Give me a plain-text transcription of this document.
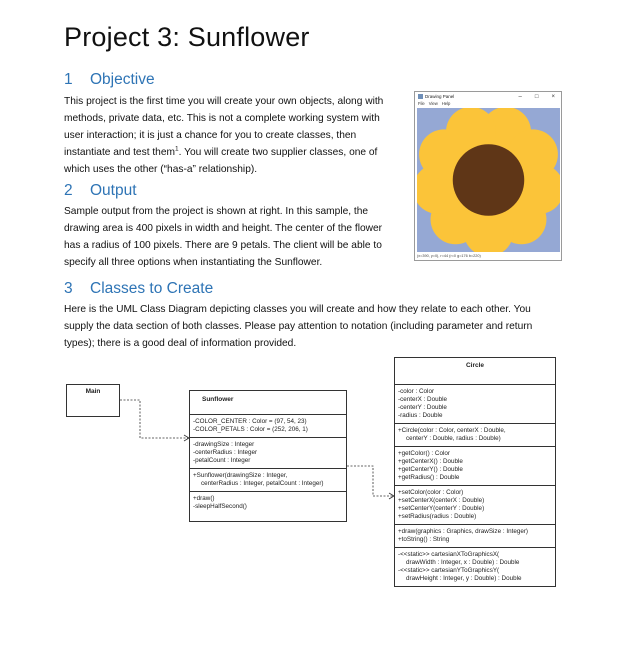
Project 3: Sunflower
1 Objective
This project is the first time you will create your own objects, along with
methods, private data, etc. This is not a complete working system with
user interaction; it is just a chance for you to create classes, then
instantiate and test them$^1$. You will create two supplier classes, one of
which uses the other (“has-a” relationship).
2 Output
Sample output from the project is shown at right. In this sample, the
drawing area is 400 pixels in width and height. The center of the flower
has a radius of 100 pixels. There are 9 petals. The client will be able to
specify all three options when instantiating the Sunflower.
Drawing Panel	– □ ×
File View Help
(x=390, y=0), r=44 (r=0 g=176 b=220)
3 Classes to Create
Here is the UML Class Diagram depicting classes you will create and how they relate to each other. You
supply the data section of both classes. Please pay attention to notation (including parameter and return
types); there is a good deal of information provided.
Main
Sunflower
-COLOR_CENTER : Color = (97, 54, 23)
-COLOR_PETALS : Color = (252, 206, 1)
-drawingSize : Integer
-centerRadius : Integer
-petalCount : Integer
+Sunflower(drawingSize : Integer,
centerRadius : Integer, petalCount : Integer)
+draw()
-sleepHalfSecond()
Circle
-color : Color
-centerX : Double
-centerY : Double
-radius : Double
+Circle(color : Color, centerX : Double,
centerY : Double, radius : Double)
+getColor() : Color
+getCenterX() : Double
+getCenterY() : Double
+getRadius() : Double
+setColor(color : Color)
+setCenterX(centerX : Double)
+setCenterY(centerY : Double)
+setRadius(radius : Double)
+draw(graphics : Graphics, drawSize : Integer)
+toString() : String
-<<static>> cartesianXToGraphicsX(
drawWidth : Integer, x : Double) : Double
-<<static>> cartesianYToGraphicsY(
drawHeight : Integer, y : Double) : Double
